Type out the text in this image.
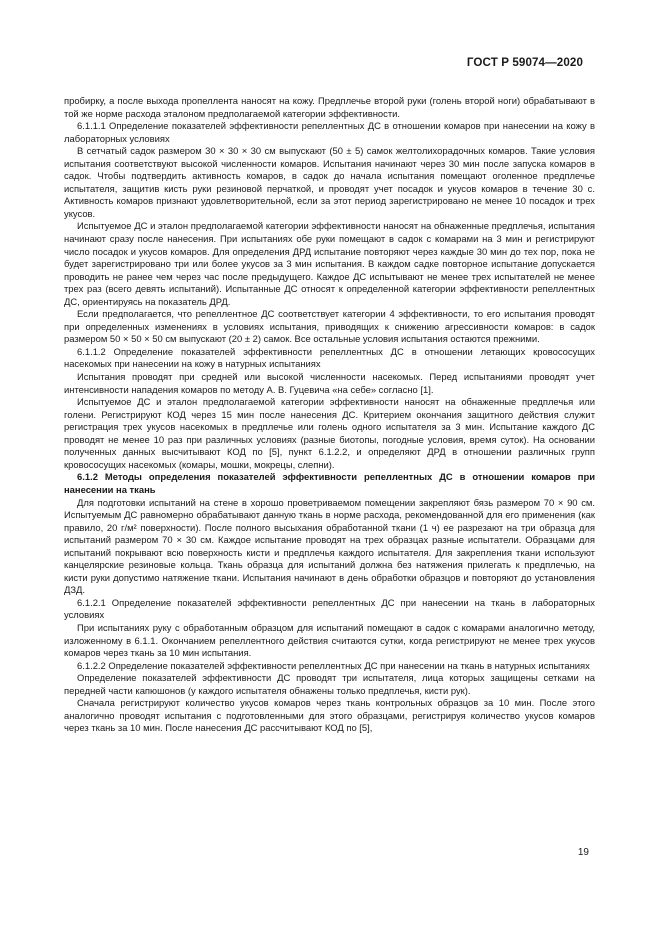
ГОСТ Р 59074—2020

пробирку, а после выхода пропеллента наносят на кожу. Предплечье второй руки (голень второй ноги) обрабатывают в той же норме расхода эталоном предполагаемой категории эффективности.

6.1.1.1 Определение показателей эффективности репеллентных ДС в отношении комаров при нанесении на кожу в лабораторных условиях

В сетчатый садок размером 30 × 30 × 30 см выпускают (50 ± 5) самок желтолихорадочных комаров. Такие условия испытания соответствуют высокой численности комаров. Испытания начинают через 30 мин после запуска комаров в садок. Чтобы подтвердить активность комаров, в садок до начала испытания помещают оголенное предплечье испытателя, защитив кисть руки резиновой перчаткой, и проводят учет посадок и укусов комаров в течение 30 с. Активность комаров признают удовлетворительной, если за этот период зарегистрировано не менее 10 посадок и трех укусов.

Испытуемое ДС и эталон предполагаемой категории эффективности наносят на обнаженные предплечья, испытания начинают сразу после нанесения. При испытаниях обе руки помещают в садок с комарами на 3 мин и регистрируют число посадок и укусов комаров. Для определения ДРД испытание повторяют через каждые 30 мин до тех пор, пока не будет зарегистрировано три или более укусов за 3 мин испытания. В каждом садке повторное испытание допускается проводить не ранее чем через час после предыдущего. Каждое ДС испытывают не менее трех испытателей не менее трех раз (всего девять испытаний). Испытанные ДС относят к определенной категории эффективности репеллентных ДС, ориентируясь на показатель ДРД.

Если предполагается, что репеллентное ДС соответствует категории 4 эффективности, то его испытания проводят при определенных изменениях в условиях испытания, приводящих к снижению агрессивности комаров: в садок размером 50 × 50 × 50 см выпускают (20 ± 2) самок. Все остальные условия испытания остаются прежними.

6.1.1.2 Определение показателей эффективности репеллентных ДС в отношении летающих кровососущих насекомых при нанесении на кожу в натурных испытаниях

Испытания проводят при средней или высокой численности насекомых. Перед испытаниями проводят учет интенсивности нападения комаров по методу А. В. Гуцевича «на себе» согласно [1].

Испытуемое ДС и эталон предполагаемой категории эффективности наносят на обнаженные предплечья или голени. Регистрируют КОД через 15 мин после нанесения ДС. Критерием окончания защитного действия служит регистрация трех укусов насекомых в предплечье или голень одного испытателя за 3 мин. Испытание каждого ДС проводят не менее 10 раз при различных условиях (разные биотопы, погодные условия, время суток). На основании полученных данных высчитывают КОД по [5], пункт 6.1.2.2, и определяют ДРД в отношении различных групп кровососущих насекомых (комары, мошки, мокрецы, слепни).

6.1.2 Методы определения показателей эффективности репеллентных ДС в отношении комаров при нанесении на ткань

Для подготовки испытаний на стене в хорошо проветриваемом помещении закрепляют бязь размером 70 × 90 см. Испытуемым ДС равномерно обрабатывают данную ткань в норме расхода, рекомендованной для его применения (как правило, 20 г/м² поверхности). После полного высыхания обработанной ткани (1 ч) ее разрезают на три образца для испытаний размером 70 × 30 см. Каждое испытание проводят на трех образцах разные испытатели. Образцами для испытаний покрывают всю поверхность кисти и предплечья каждого испытателя. Для закрепления ткани используют канцелярские резиновые кольца. Ткань образца для испытаний должна без натяжения прилегать к предплечью, на кисти руки допустимо натяжение ткани. Испытания начинают в день обработки образцов и повторяют до установления ДЗД.

6.1.2.1 Определение показателей эффективности репеллентных ДС при нанесении на ткань в лабораторных условиях

При испытаниях руку с обработанным образцом для испытаний помещают в садок с комарами аналогично методу, изложенному в 6.1.1. Окончанием репеллентного действия считаются сутки, когда регистрируют не менее трех укусов комаров через ткань за 10 мин испытания.

6.1.2.2 Определение показателей эффективности репеллентных ДС при нанесении на ткань в натурных испытаниях

Определение показателей эффективности ДС проводят три испытателя, лица которых защищены сетками на передней части капюшонов (у каждого испытателя обнажены только предплечья, кисти рук).

Сначала регистрируют количество укусов комаров через ткань контрольных образцов за 10 мин. После этого аналогично проводят испытания с подготовленными для этого образцами, регистрируя количество укусов комаров через ткань за 10 мин. После нанесения ДС рассчитывают КОД по [5],

19
